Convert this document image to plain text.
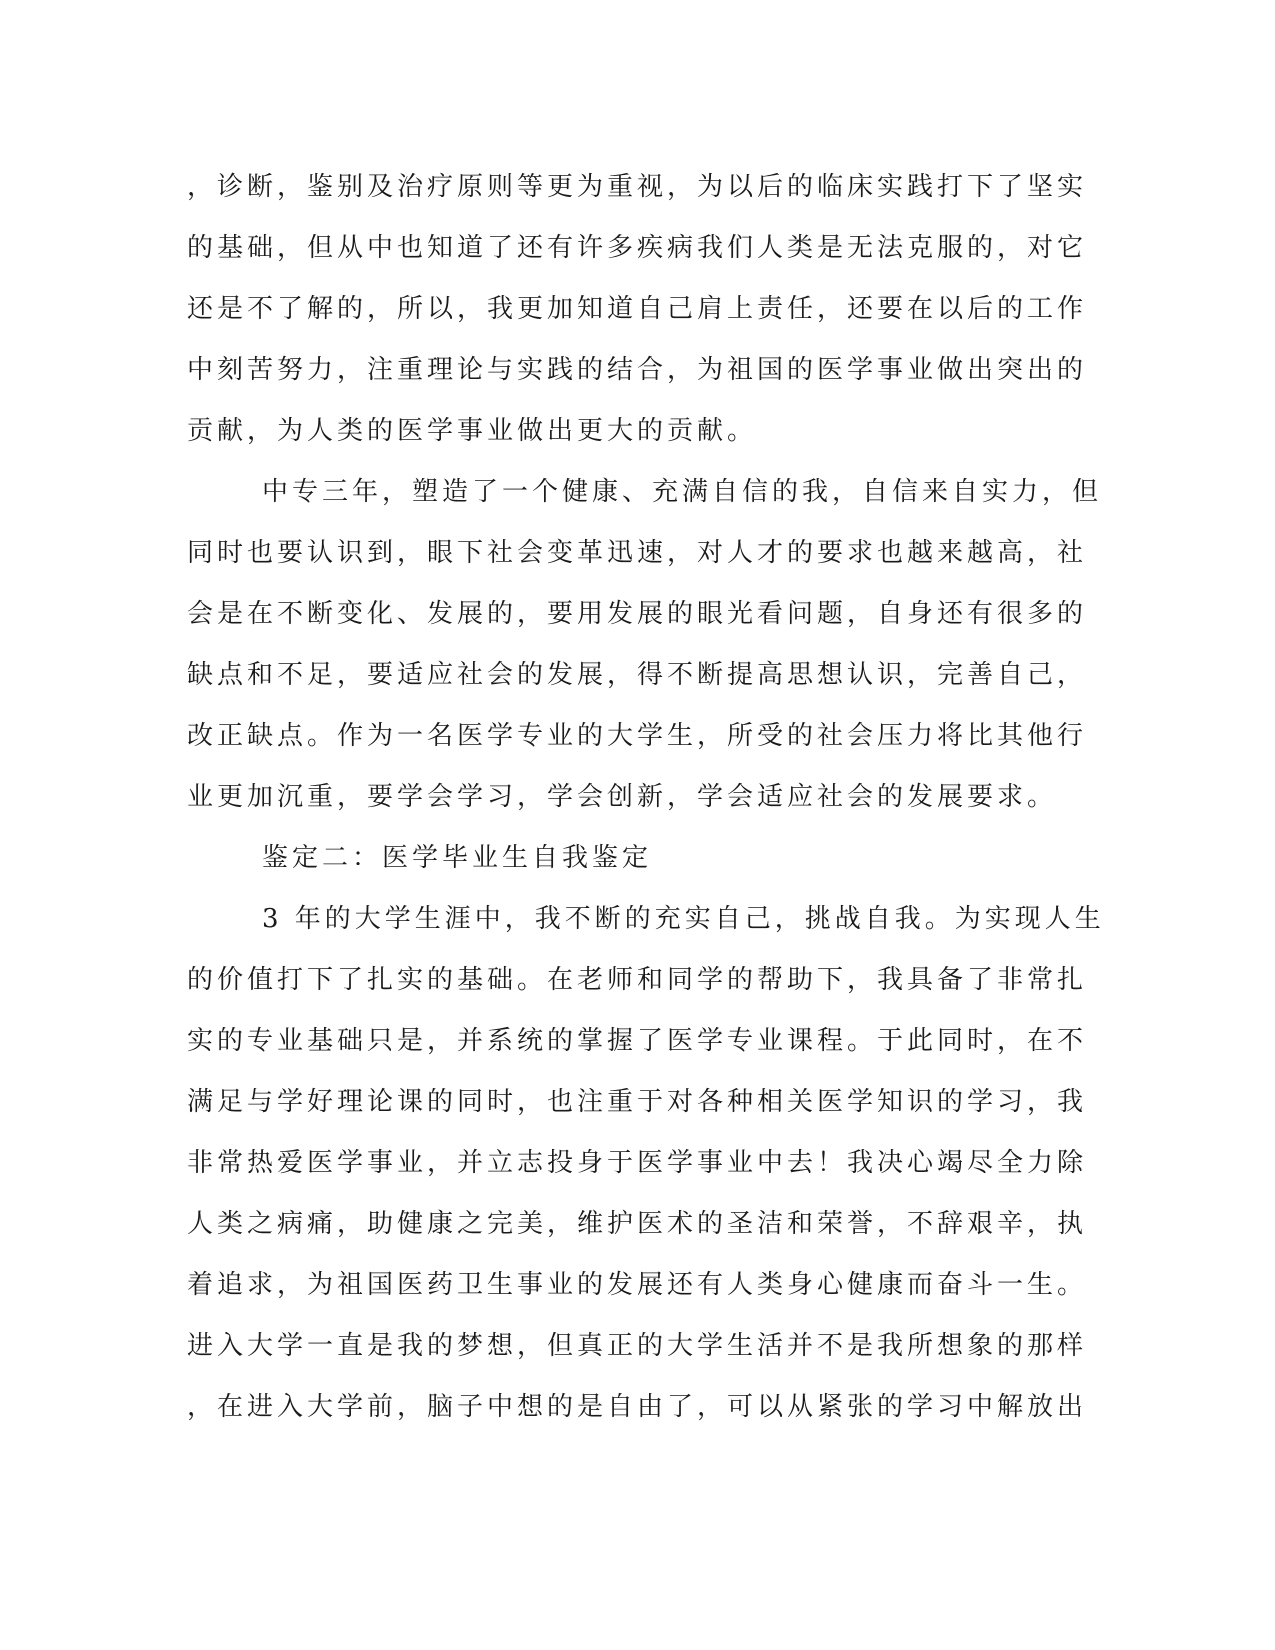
，诊断，鉴别及治疗原则等更为重视，为以后的临床实践打下了坚实
的基础，但从中也知道了还有许多疾病我们人类是无法克服的，对它
还是不了解的，所以，我更加知道自己肩上责任，还要在以后的工作
中刻苦努力，注重理论与实践的结合，为祖国的医学事业做出突出的
贡献，为人类的医学事业做出更大的贡献。
中专三年，塑造了一个健康、充满自信的我，自信来自实力，但
同时也要认识到，眼下社会变革迅速，对人才的要求也越来越高，社
会是在不断变化、发展的，要用发展的眼光看问题，自身还有很多的
缺点和不足，要适应社会的发展，得不断提高思想认识，完善自己，
改正缺点。作为一名医学专业的大学生，所受的社会压力将比其他行
业更加沉重，要学会学习，学会创新，学会适应社会的发展要求。
鉴定二：医学毕业生自我鉴定
3 年的大学生涯中，我不断的充实自己，挑战自我。为实现人生
的价值打下了扎实的基础。在老师和同学的帮助下，我具备了非常扎
实的专业基础只是，并系统的掌握了医学专业课程。于此同时，在不
满足与学好理论课的同时，也注重于对各种相关医学知识的学习，我
非常热爱医学事业，并立志投身于医学事业中去！我决心竭尽全力除
人类之病痛，助健康之完美，维护医术的圣洁和荣誉，不辞艰辛，执
着追求，为祖国医药卫生事业的发展还有人类身心健康而奋斗一生。
进入大学一直是我的梦想，但真正的大学生活并不是我所想象的那样
，在进入大学前，脑子中想的是自由了，可以从紧张的学习中解放出
